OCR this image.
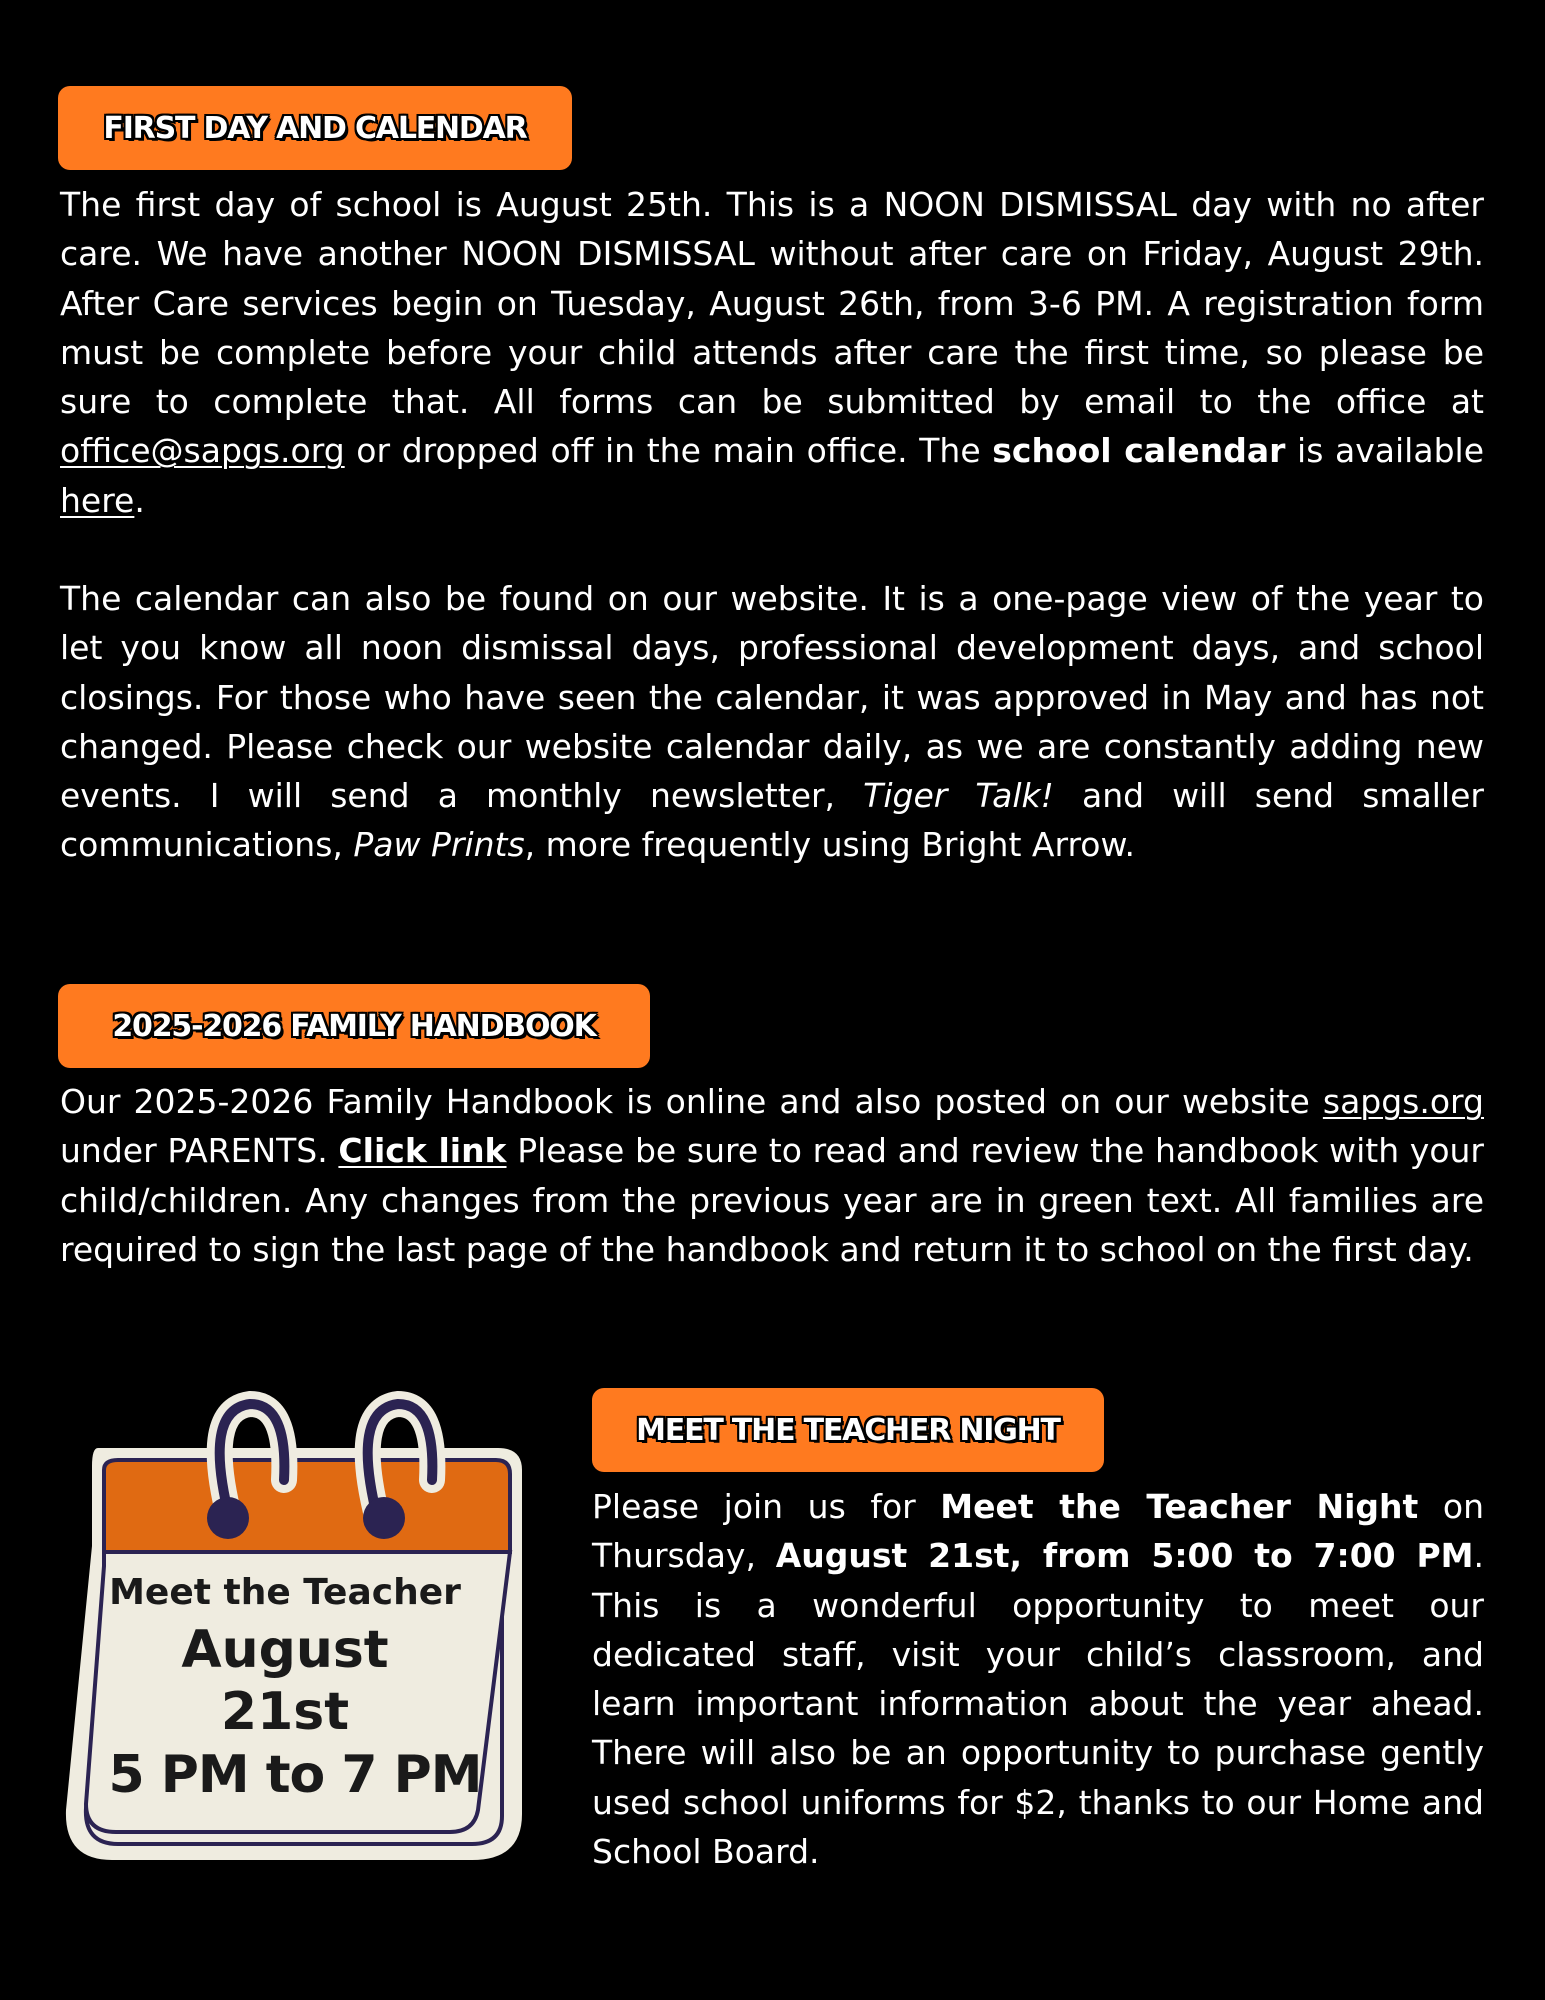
FIRST DAY AND CALENDAR

The first day of school is August 25th. This is a NOON DISMISSAL day with no after care. We have another NOON DISMISSAL without after care on Friday, August 29th. After Care services begin on Tuesday, August 26th, from 3-6 PM. A registration form must be complete before your child attends after care the first time, so please be sure to complete that. All forms can be submitted by email to the office at office@sapgs.org or dropped off in the main office. The school calendar is available here.

The calendar can also be found on our website. It is a one-page view of the year to let you know all noon dismissal days, professional development days, and school closings. For those who have seen the calendar, it was approved in May and has not changed. Please check our website calendar daily, as we are constantly adding new events. I will send a monthly newsletter, Tiger Talk! and will send smaller communications, Paw Prints, more frequently using Bright Arrow.

2025-2026 FAMILY HANDBOOK

Our 2025-2026 Family Handbook is online and also posted on our website sapgs.org under PARENTS. Click link Please be sure to read and review the handbook with your child/children. Any changes from the previous year are in green text. All families are required to sign the last page of the handbook and return it to school on the first day.

Meet the Teacher
August
21st
5 PM to 7 PM
MEET THE TEACHER NIGHT

Please join us for Meet the Teacher Night on Thursday, August 21st, from 5:00 to 7:00 PM. This is a wonderful opportunity to meet our dedicated staff, visit your child’s classroom, and learn important information about the year ahead. There will also be an opportunity to purchase gently used school uniforms for $2, thanks to our Home and School Board.
